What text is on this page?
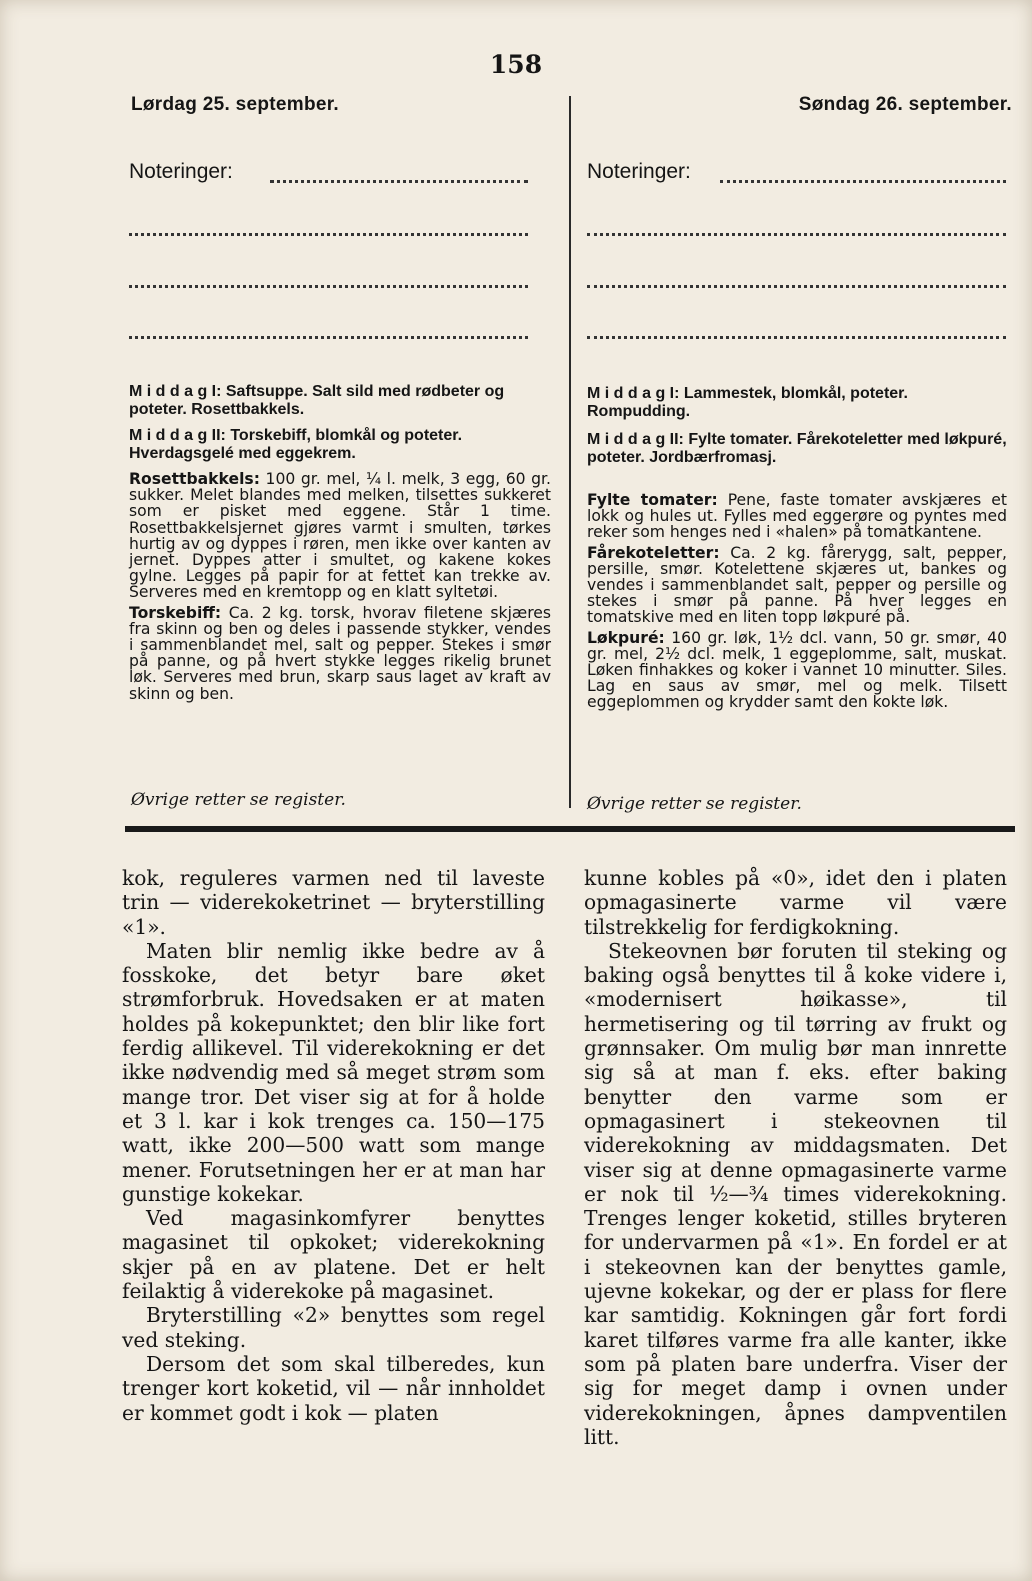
158
Lørdag 25. september.	Søndag 26. september.
Noteringer:	Noteringer:
M i d d a g I: Saftsuppe. Salt sild med rødbeter og poteter. Rosettbakkels.
M i d d a g II: Torskebiff, blomkål og poteter. Hverdagsgelé med eggekrem.

Rosettbakkels: 100 gr. mel, ¼ l. melk, 3 egg, 60 gr. sukker. Melet blandes med melken, tilsettes sukkeret som er pisket med eggene. Står 1 time. Rosettbakkelsjernet gjøres varmt i smulten, tørkes hurtig av og dyppes i røren, men ikke over kanten av jernet. Dyppes atter i smultet, og kakene kokes gylne. Legges på papir for at fettet kan trekke av. Serveres med en kremtopp og en klatt syltetøi.

Torskebiff: Ca. 2 kg. torsk, hvorav filetene skjæres fra skinn og ben og deles i passende stykker, vendes i sammenblandet mel, salt og pepper. Stekes i smør på panne, og på hvert stykke legges rikelig brunet løk. Serveres med brun, skarp saus laget av kraft av skinn og ben.

Øvrige retter se register.
M i d d a g I: Lammestek, blomkål, poteter. Rompudding.
M i d d a g II: Fylte tomater. Fårekoteletter med løkpuré, poteter. Jordbærfromasj.

Fylte tomater: Pene, faste tomater avskjæres et lokk og hules ut. Fylles med eggerøre og pyntes med reker som henges ned i «halen» på tomatkantene.

Fårekoteletter: Ca. 2 kg. fårerygg, salt, pepper, persille, smør. Kotelettene skjæres ut, bankes og vendes i sammenblandet salt, pepper og persille og stekes i smør på panne. På hver legges en tomatskive med en liten topp løkpuré på.

Løkpuré: 160 gr. løk, 1½ dcl. vann, 50 gr. smør, 40 gr. mel, 2½ dcl. melk, 1 eggeplomme, salt, muskat. Løken finhakkes og koker i vannet 10 minutter. Siles. Lag en saus av smør, mel og melk. Tilsett eggeplommen og krydder samt den kokte løk.

Øvrige retter se register.

kok, reguleres varmen ned til laveste trin — viderekoketrinet — bryterstilling «1».

Maten blir nemlig ikke bedre av å fosskoke, det betyr bare øket strømforbruk. Hovedsaken er at maten holdes på kokepunktet; den blir like fort ferdig allikevel. Til viderekokning er det ikke nødvendig med så meget strøm som mange tror. Det viser sig at for å holde et 3 l. kar i kok trenges ca. 150—175 watt, ikke 200—500 watt som mange mener. Forutsetningen her er at man har gunstige kokekar.

Ved magasinkomfyrer benyttes magasinet til opkoket; viderekokning skjer på en av platene. Det er helt feilaktig å viderekoke på magasinet.

Bryterstilling «2» benyttes som regel ved steking.

Dersom det som skal tilberedes, kun trenger kort koketid, vil — når innholdet er kommet godt i kok — platen

kunne kobles på «0», idet den i platen opmagasinerte varme vil være tilstrekkelig for ferdigkokning.

Stekeovnen bør foruten til steking og baking også benyttes til å koke videre i, «modernisert høikasse», til hermetisering og til tørring av frukt og grønnsaker. Om mulig bør man innrette sig så at man f. eks. efter baking benytter den varme som er opmagasinert i stekeovnen til viderekokning av middagsmaten. Det viser sig at denne opmagasinerte varme er nok til ½—¾ times viderekokning. Trenges lenger koketid, stilles bryteren for undervarmen på «1». En fordel er at i stekeovnen kan der benyttes gamle, ujevne kokekar, og der er plass for flere kar samtidig. Kokningen går fort fordi karet tilføres varme fra alle kanter, ikke som på platen bare underfra. Viser der sig for meget damp i ovnen under viderekokningen, åpnes dampventilen litt.
